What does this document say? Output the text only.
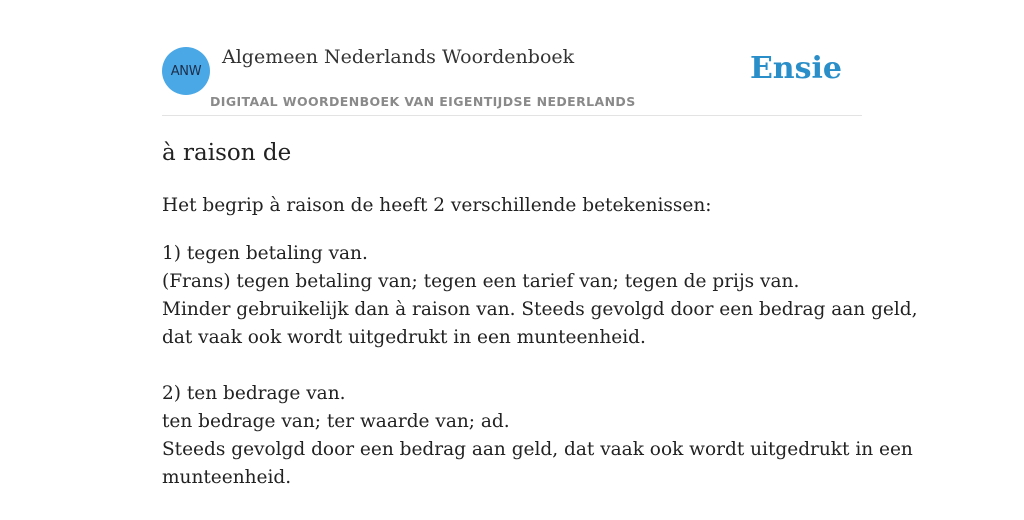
ANW
Algemeen Nederlands Woordenboek
DIGITAAL WOORDENBOEK VAN EIGENTIJDSE NEDERLANDS
Ensie
à raison de
Het begrip à raison de heeft 2 verschillende betekenissen:
1) tegen betaling van.
(Frans) tegen betaling van; tegen een tarief van; tegen de prijs van.
Minder gebruikelijk dan à raison van. Steeds gevolgd door een bedrag aan geld,
dat vaak ook wordt uitgedrukt in een munteenheid.
2) ten bedrage van.
ten bedrage van; ter waarde van; ad.
Steeds gevolgd door een bedrag aan geld, dat vaak ook wordt uitgedrukt in een
munteenheid.
